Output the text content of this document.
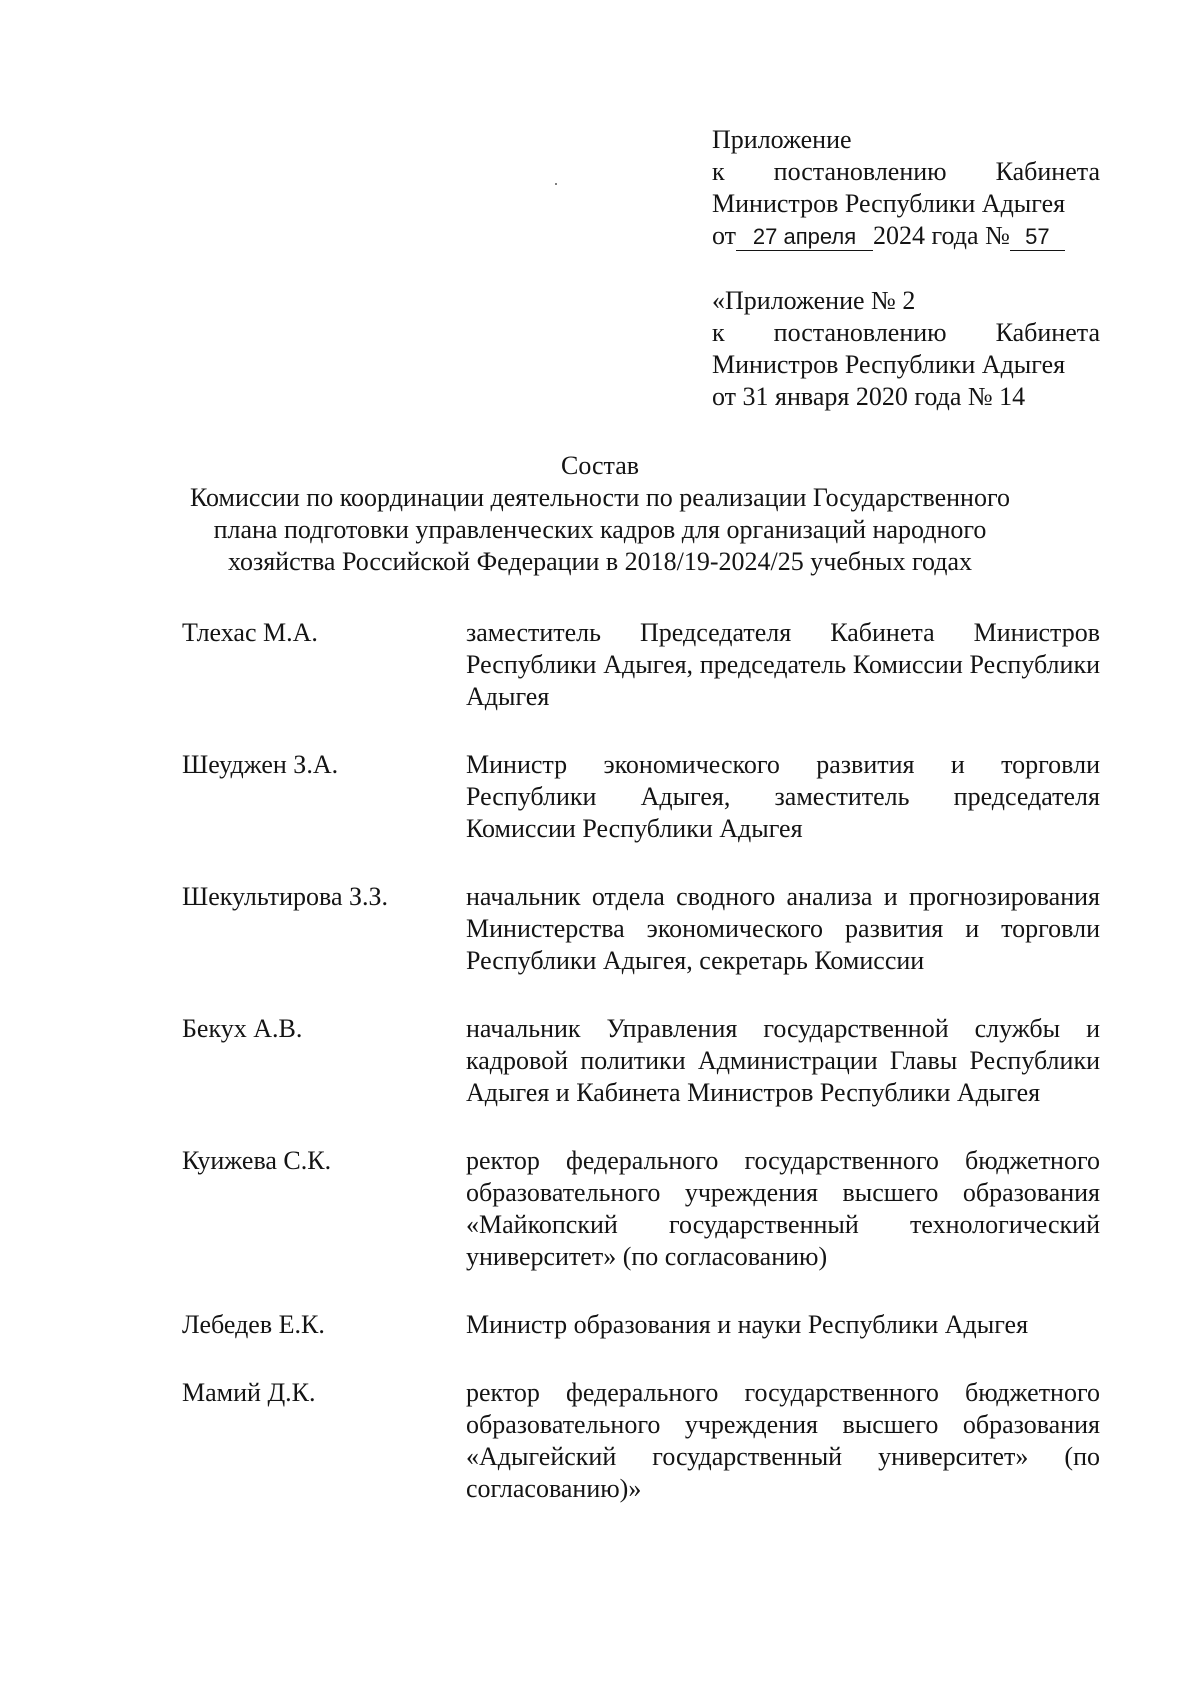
Приложение
к постановлению Кабинета
Министров Республики Адыгея
от 27 апреля 2024 года № 57
«Приложение № 2
к постановлению Кабинета
Министров Республики Адыгея
от 31 января 2020 года № 14
Состав
Комиссии по координации деятельности по реализации Государственного
плана подготовки управленческих кадров для организаций народного
хозяйства Российской Федерации в 2018/19-2024/25 учебных годах
Тлехас М.А.	заместитель Председателя Кабинета Министров Республики Адыгея, председатель Комиссии Республики Адыгея
Шеуджен З.А.	Министр экономического развития и торговли Республики Адыгея, заместитель председателя Комиссии Республики Адыгея
Шекультирова З.З.	начальник отдела сводного анализа и прогнозирования Министерства экономического развития и торговли Республики Адыгея, секретарь Комиссии
Бекух А.В.	начальник Управления государственной службы и кадровой политики Администрации Главы Республики Адыгея и Кабинета Министров Республики Адыгея
Куижева С.К.	ректор федерального государственного бюджетного образовательного учреждения высшего образования «Майкопский государственный технологический университет» (по согласованию)
Лебедев Е.К.	Министр образования и науки Республики Адыгея
Мамий Д.К.	ректор федерального государственного бюджетного образовательного учреждения высшего образования «Адыгейский государственный университет» (по согласованию)»
